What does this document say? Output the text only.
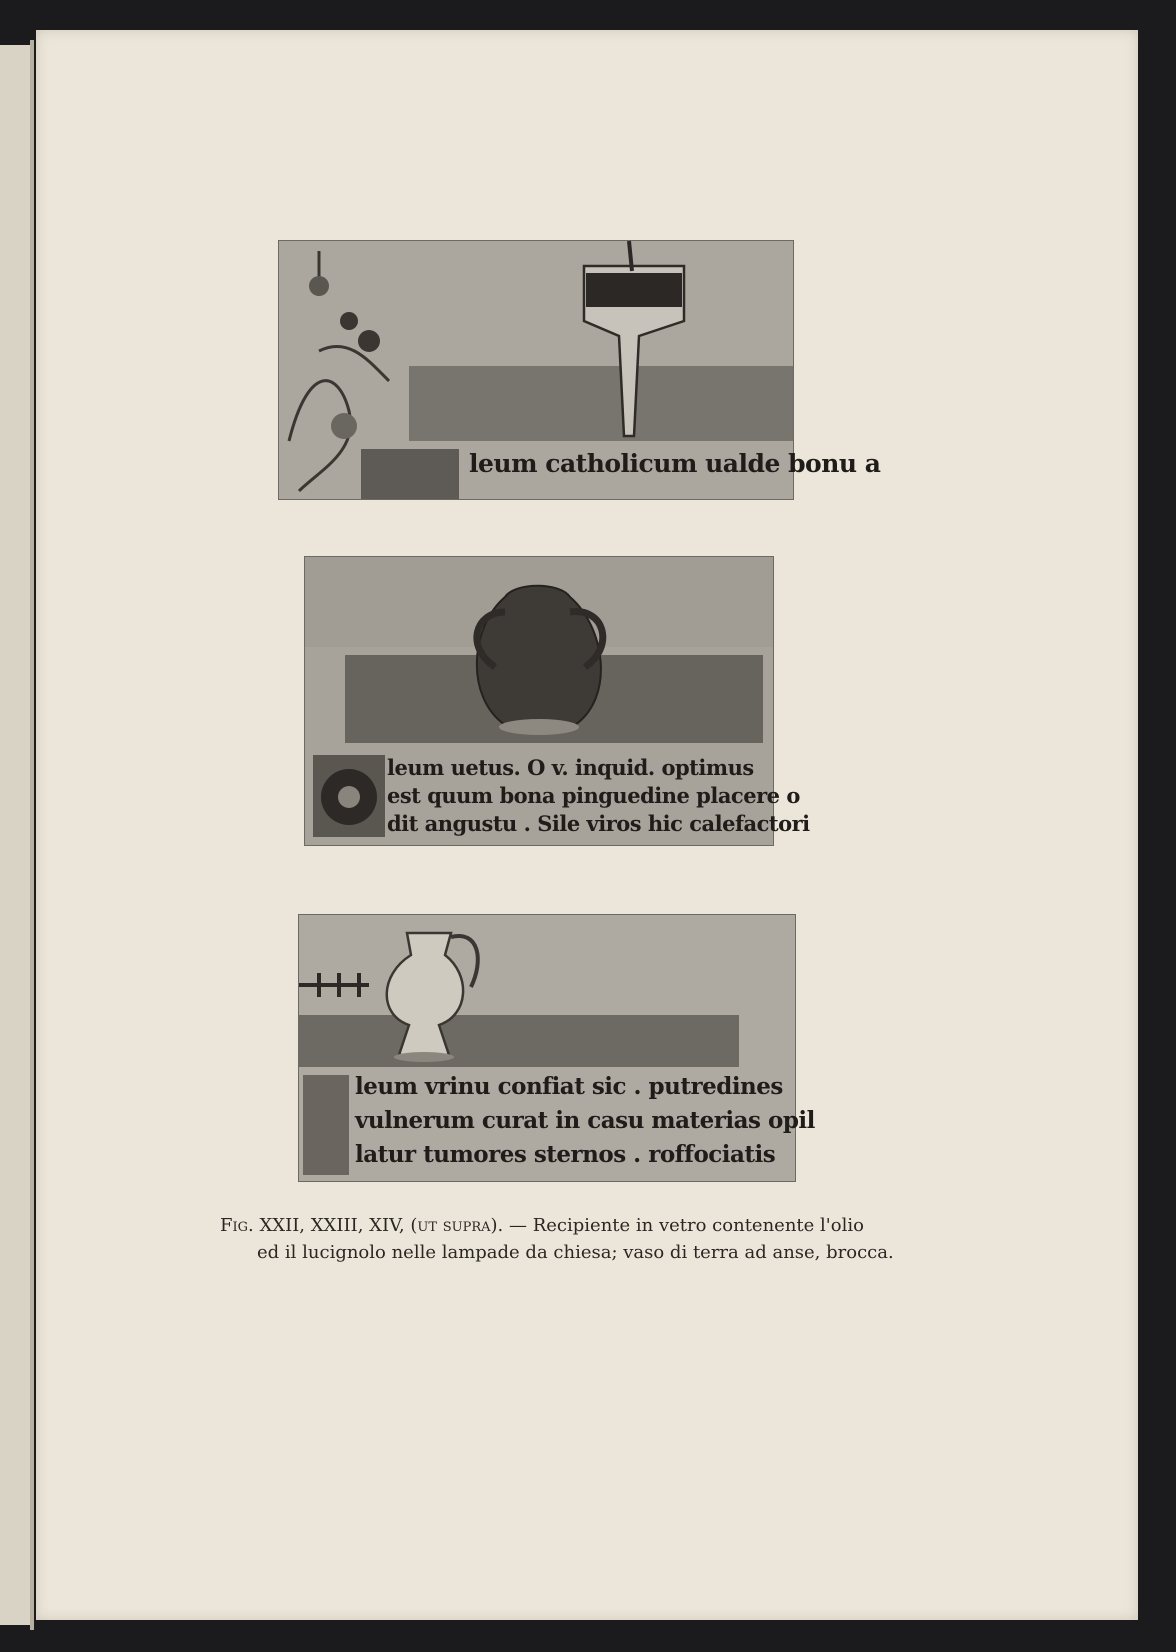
leum catholicum ualde bonu a
leum uetus. O v. inquid. optimus
est quum bona pinguedine placere o
dit angustu . Sile viros hic calefactori
leum vrinu confiat sic . putredines
vulnerum curat in casu materias opil
latur tumores sternos . roffociatis
Fig. XXII, XXIII, XIV, (ut supra). — Recipiente in vetro contenente l'olio
ed il lucignolo nelle lampade da chiesa; vaso di terra ad anse, brocca.
